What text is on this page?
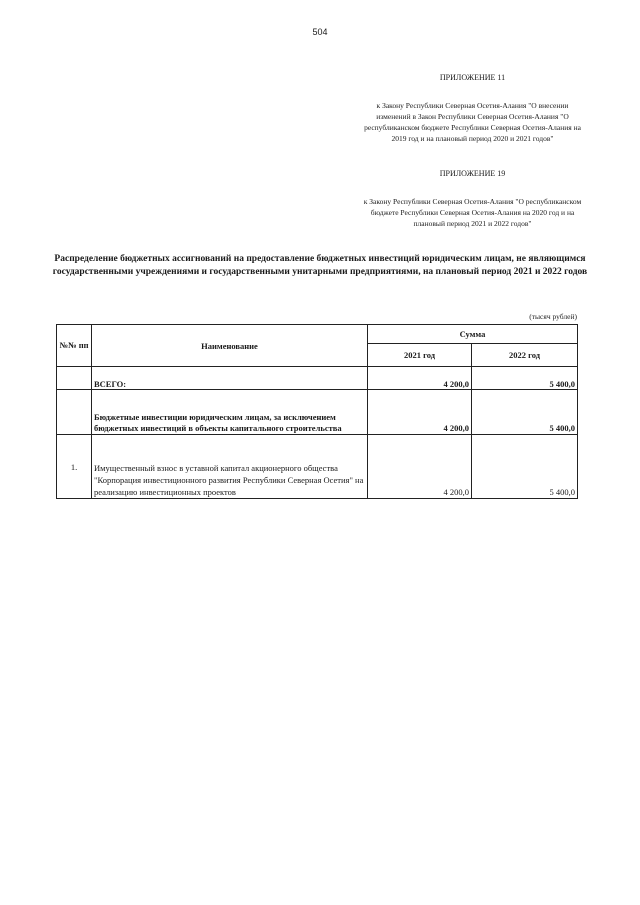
504
ПРИЛОЖЕНИЕ 11
к Закону Республики Северная Осетия-Алания "О внесении изменений в Закон Республики Северная Осетия-Алания "О республиканском бюджете Республики Северная Осетия-Алания на 2019 год и на плановый период 2020 и 2021 годов"
ПРИЛОЖЕНИЕ 19
к Закону Республики Северная Осетия-Алания "О республиканском бюджете Республики Северная Осетия-Алания на 2020 год и на плановый период 2021 и 2022 годов"
Распределение бюджетных ассигнований на предоставление бюджетных инвестиций юридическим лицам, не являющимся государственными учреждениями и государственными унитарными предприятиями, на плановый период 2021 и 2022 годов
(тысяч рублей)
№№ пп	Наименование	Сумма	
		2021 год	2022 год
	ВСЕГО:	4 200,0	5 400,0
	Бюджетные инвестиции юридическим лицам, за исключением бюджетных инвестиций в объекты капитального строительства	4 200,0	5 400,0
1.	Имущественный взнос в уставной капитал акционерного общества "Корпорация инвестиционного развития Республики Северная Осетия" на реализацию инвестиционных проектов	4 200,0	5 400,0
